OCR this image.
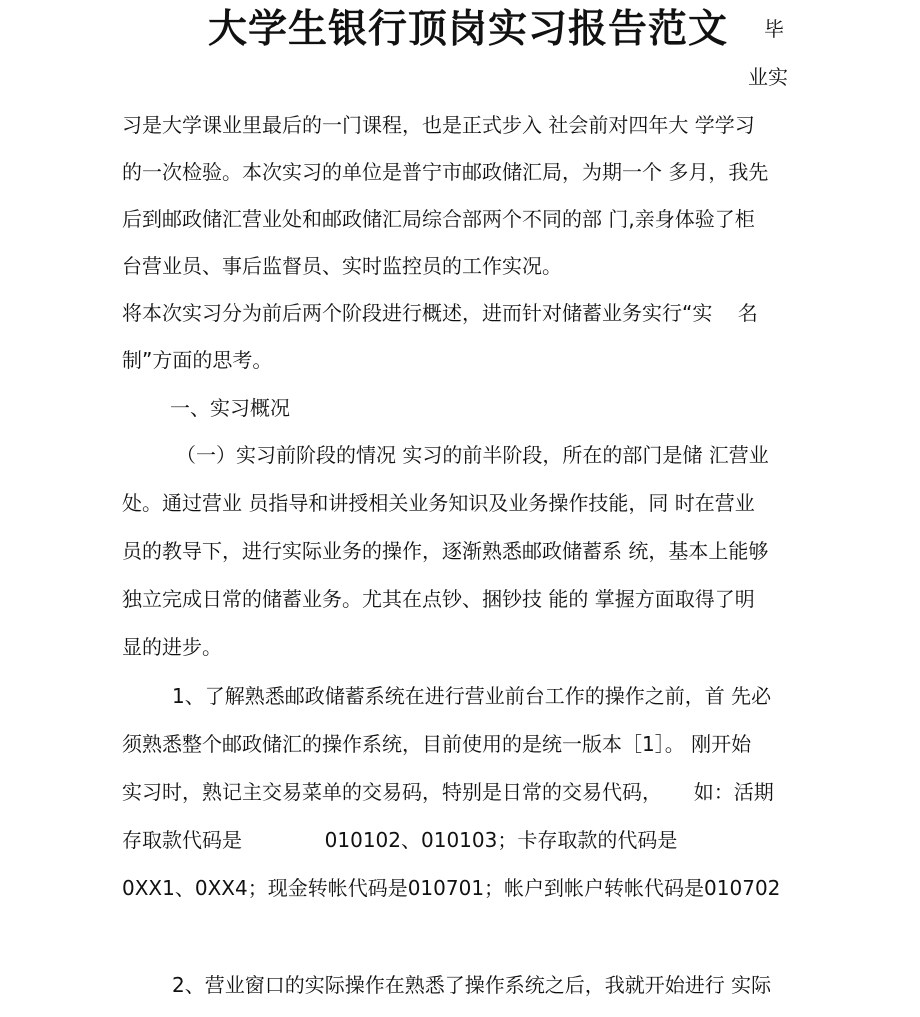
大学生银行顶岗实习报告范文 毕
业实
习是大学课业里最后的一门课程，也是正式步入 社会前对四年大 学学习
的一次检验。本次实习的单位是普宁市邮政储汇局，为期一个 多月，我先
后到邮政储汇营业处和邮政储汇局综合部两个不同的部 门,亲身体验了柜
台营业员、事后监督员、实时监控员的工作实况。
将本次实习分为前后两个阶段进行概述，进而针对储蓄业务实行“实    名
制”方面的思考。
一、实习概况
（一）实习前阶段的情况 实习的前半阶段，所在的部门是储 汇营业
处。通过营业 员指导和讲授相关业务知识及业务操作技能，同 时在营业
员的教导下，进行实际业务的操作，逐渐熟悉邮政储蓄系 统，基本上能够
独立完成日常的储蓄业务。尤其在点钞、捆钞技 能的 掌握方面取得了明
显的进步。
1、了解熟悉邮政储蓄系统在进行营业前台工作的操作之前，首 先必
须熟悉整个邮政储汇的操作系统，目前使用的是统一版本［1］。 刚开始
实习时，熟记主交易菜单的交易码，特别是日常的交易代码，     如：活期
存取款代码是             010102、010103；卡存取款的代码是
0XX1、0XX4；现金转帐代码是010701；帐户到帐户转帐代码是010702
2、营业窗口的实际操作在熟悉了操作系统之后，我就开始进行 实际
